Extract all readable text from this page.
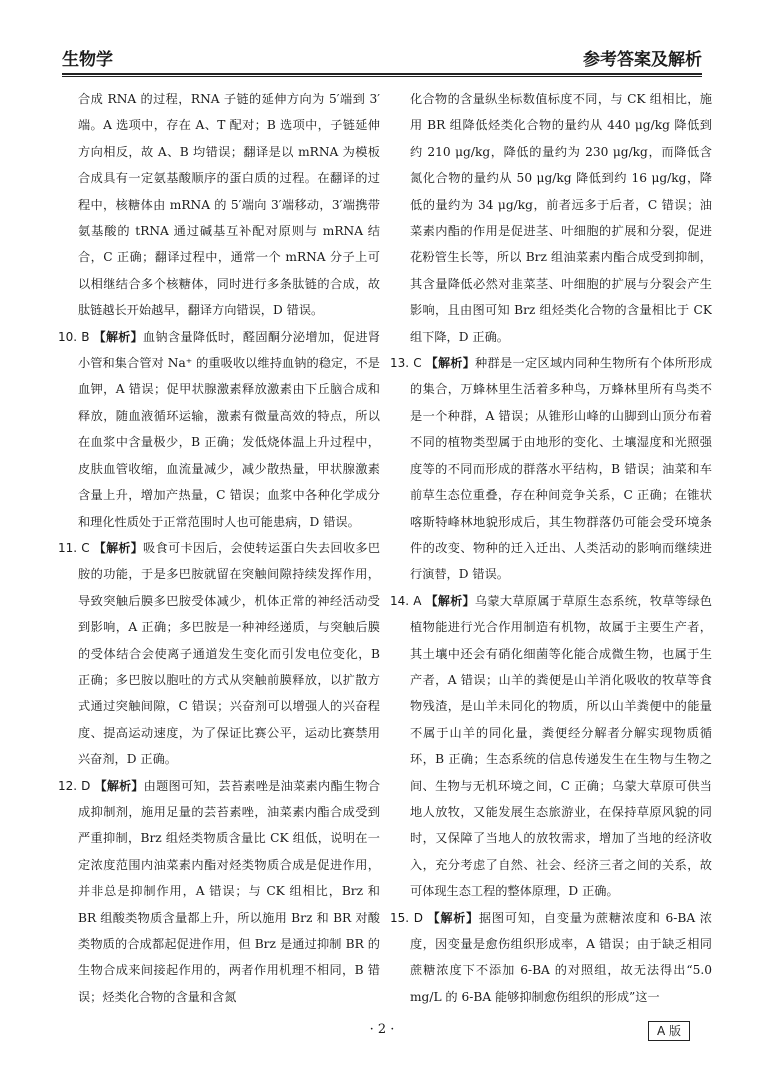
生物学	参考答案及解析

合成 RNA 的过程，RNA 子链的延伸方向为 5′端到 3′端。A 选项中，存在 A、T 配对；B 选项中，子链延伸方向相反，故 A、B 均错误；翻译是以 mRNA 为模板合成具有一定氨基酸顺序的蛋白质的过程。在翻译的过程中，核糖体由 mRNA 的 5′端向 3′端移动，3′端携带氨基酸的 tRNA 通过碱基互补配对原则与 mRNA 结合，C 正确；翻译过程中，通常一个 mRNA 分子上可以相继结合多个核糖体，同时进行多条肽链的合成，故肽链越长开始越早，翻译方向错误，D 错误。

10. B 【解析】血钠含量降低时，醛固酮分泌增加，促进肾小管和集合管对 Na⁺ 的重吸收以维持血钠的稳定，不是血钾，A 错误；促甲状腺激素释放激素由下丘脑合成和释放，随血液循环运输，激素有微量高效的特点，所以在血浆中含量极少，B 正确；发低烧体温上升过程中，皮肤血管收缩，血流量减少，减少散热量，甲状腺激素含量上升，增加产热量，C 错误；血浆中各种化学成分和理化性质处于正常范围时人也可能患病，D 错误。

11. C 【解析】吸食可卡因后，会使转运蛋白失去回收多巴胺的功能，于是多巴胺就留在突触间隙持续发挥作用，导致突触后膜多巴胺受体减少，机体正常的神经活动受到影响，A 正确；多巴胺是一种神经递质，与突触后膜的受体结合会使离子通道发生变化而引发电位变化，B 正确；多巴胺以胞吐的方式从突触前膜释放，以扩散方式通过突触间隙，C 错误；兴奋剂可以增强人的兴奋程度、提高运动速度，为了保证比赛公平，运动比赛禁用兴奋剂，D 正确。

12. D 【解析】由题图可知，芸苔素唑是油菜素内酯生物合成抑制剂，施用足量的芸苔素唑，油菜素内酯合成受到严重抑制，Brz 组烃类物质含量比 CK 组低，说明在一定浓度范围内油菜素内酯对烃类物质合成是促进作用，并非总是抑制作用，A 错误；与 CK 组相比，Brz 和 BR 组酸类物质含量都上升，所以施用 Brz 和 BR 对酸类物质的合成都起促进作用，但 Brz 是通过抑制 BR 的生物合成来间接起作用的，两者作用机理不相同，B 错误；烃类化合物的含量和含氮

化合物的含量纵坐标数值标度不同，与 CK 组相比，施用 BR 组降低烃类化合物的量约从 440 μg/kg 降低到约 210 μg/kg，降低的量约为 230 μg/kg，而降低含氮化合物的量约从 50 μg/kg 降低到约 16 μg/kg，降低的量约为 34 μg/kg，前者远多于后者，C 错误；油菜素内酯的作用是促进茎、叶细胞的扩展和分裂，促进花粉管生长等，所以 Brz 组油菜素内酯合成受到抑制，其含量降低必然对韭菜茎、叶细胞的扩展与分裂会产生影响，且由图可知 Brz 组烃类化合物的含量相比于 CK 组下降，D 正确。

13. C 【解析】种群是一定区域内同种生物所有个体所形成的集合，万蜂林里生活着多种鸟，万蜂林里所有鸟类不是一个种群，A 错误；从锥形山峰的山脚到山顶分布着不同的植物类型属于由地形的变化、土壤湿度和光照强度等的不同而形成的群落水平结构，B 错误；油菜和车前草生态位重叠，存在种间竞争关系，C 正确；在锥状喀斯特峰林地貌形成后，其生物群落仍可能会受环境条件的改变、物种的迁入迁出、人类活动的影响而继续进行演替，D 错误。

14. A 【解析】乌蒙大草原属于草原生态系统，牧草等绿色植物能进行光合作用制造有机物，故属于主要生产者，其土壤中还会有硝化细菌等化能合成微生物，也属于生产者，A 错误；山羊的粪便是山羊消化吸收的牧草等食物残渣，是山羊未同化的物质，所以山羊粪便中的能量不属于山羊的同化量，粪便经分解者分解实现物质循环，B 正确；生态系统的信息传递发生在生物与生物之间、生物与无机环境之间，C 正确；乌蒙大草原可供当地人放牧，又能发展生态旅游业，在保持草原风貌的同时，又保障了当地人的放牧需求，增加了当地的经济收入，充分考虑了自然、社会、经济三者之间的关系，故可体现生态工程的整体原理，D 正确。

15. D 【解析】据图可知，自变量为蔗糖浓度和 6-BA 浓度，因变量是愈伤组织形成率，A 错误；由于缺乏相同蔗糖浓度下不添加 6-BA 的对照组，故无法得出“5.0 mg/L 的 6-BA 能够抑制愈伤组织的形成”这一

· 2 ·	A 版
